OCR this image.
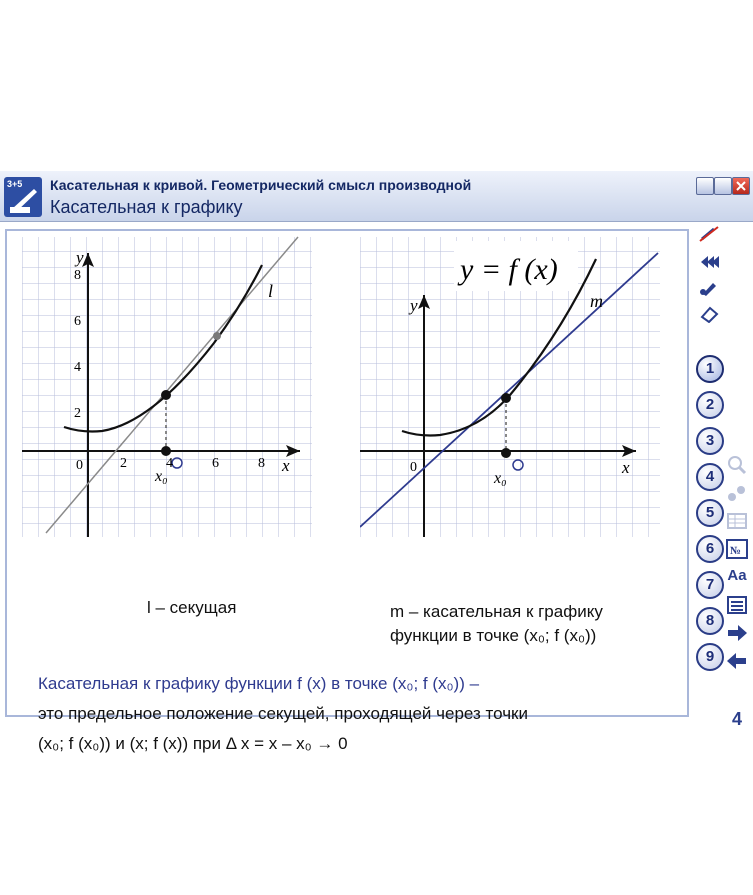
3+5 Касательная к кривой. Геометрический смысл производной
Касательная к графику
y
x
0	2	4	6	8
2
4
6
8
x₀
l
y = f (x)
y
x
0
x₀
m
l – секущая	m – касательная к графику
функции в точке (x₀; f (x₀))
Касательная к графику функции f (x) в точке (x₀; f (x₀)) –
это предельное положение секущей, проходящей через точки
(x₀; f (x₀)) и (x; f (x)) при Δ x = x – x₀ → 0
1
2
3
4
5
6
7
8
9
№
Aa
4
